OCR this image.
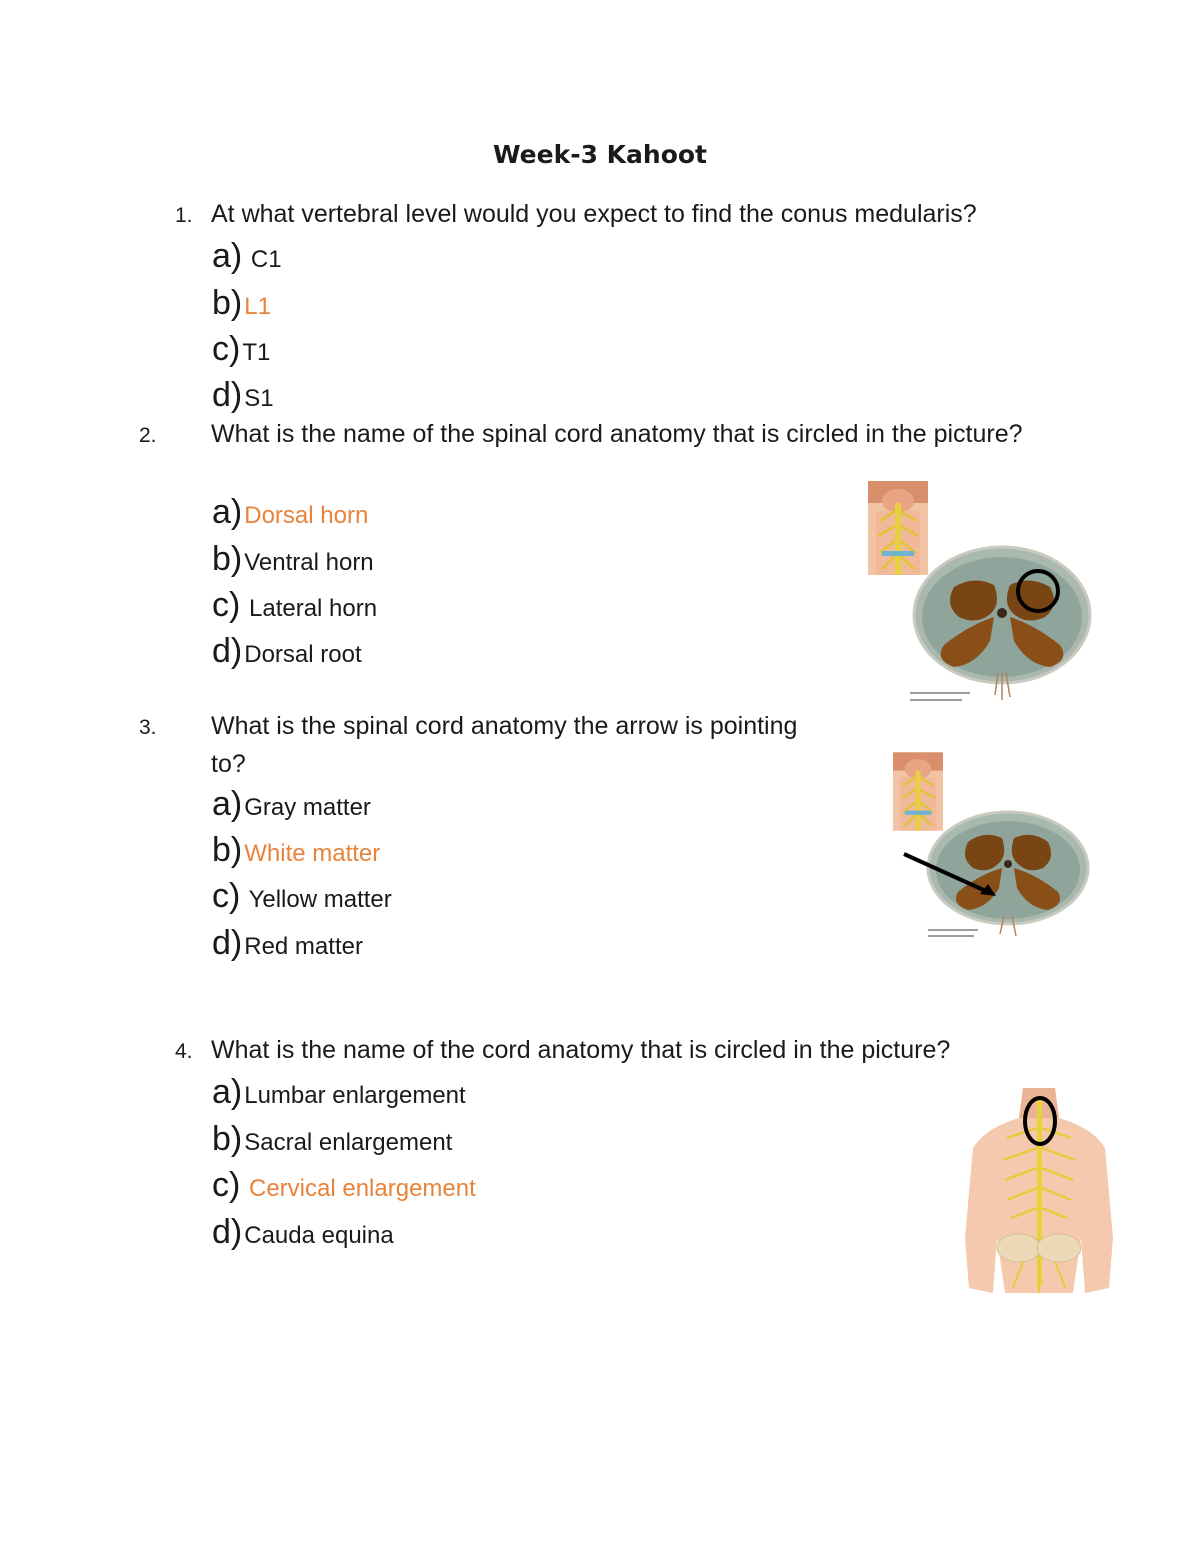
Week-3 Kahoot
1. At what vertebral level would you expect to find the conus medularis?
a) C1
b)L1
c)T1
d)S1
2. What is the name of the spinal cord anatomy that is circled in the picture?
a)Dorsal horn
b)Ventral horn
c) Lateral horn
d)Dorsal root
3. What is the spinal cord anatomy the arrow is pointing to?
a)Gray matter
b)White matter
c) Yellow matter
d)Red matter
4. What is the name of the cord anatomy that is circled in the picture?
a)Lumbar enlargement
b)Sacral enlargement
c) Cervical enlargement
d)Cauda equina
